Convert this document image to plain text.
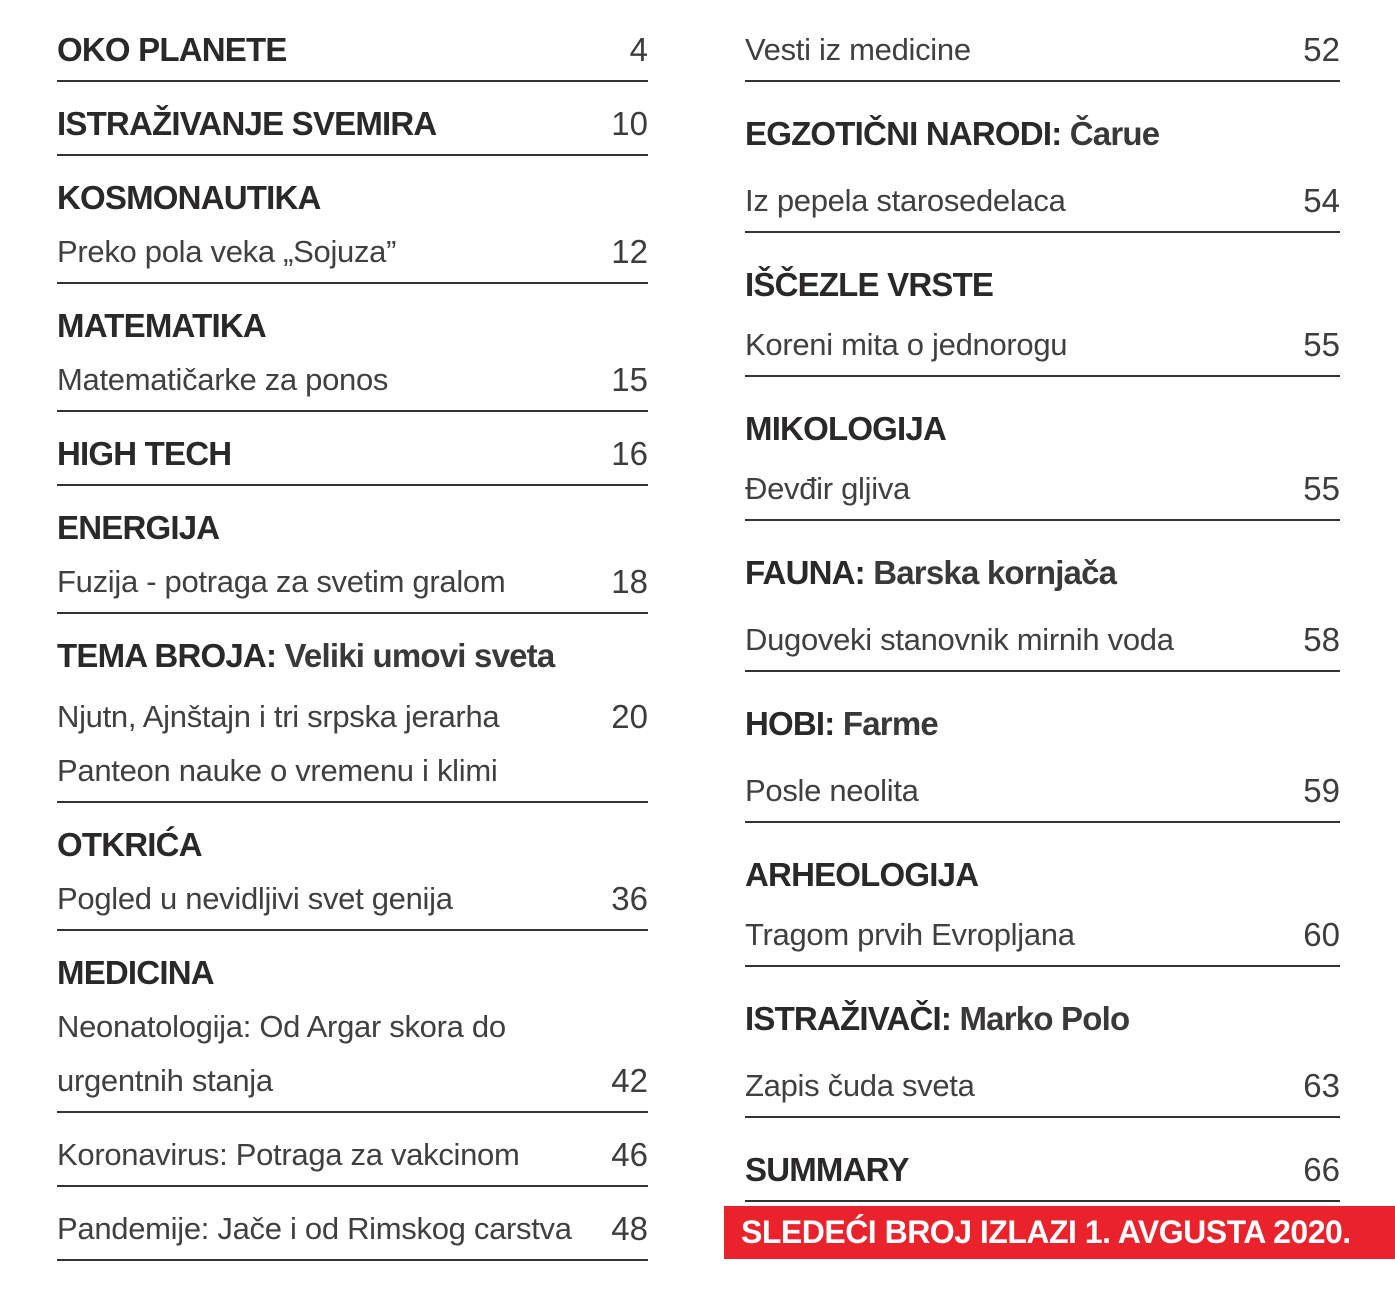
OKO PLANETE	4
ISTRAŽIVANJE SVEMIRA	10
KOSMONAUTIKA
Preko pola veka „Sojuza”	12
MATEMATIKA
Matematičarke za ponos	15
HIGH TECH	16
ENERGIJA
Fuzija - potraga za svetim gralom	18
TEMA BROJA: Veliki umovi sveta
Njutn, Ajnštajn i tri srpska jerarha	20
Panteon nauke o vremenu i klimi
OTKRIĆA
Pogled u nevidljivi svet genija	36
MEDICINA
Neonatologija: Od Argar skora do
urgentnih stanja	42
Koronavirus: Potraga za vakcinom	46
Pandemije: Jače i od Rimskog carstva 48
Vesti iz medicine	52
EGZOTIČNI NARODI: Čarue
Iz pepela starosedelaca	54
IŠČEZLE VRSTE
Koreni mita o jednorogu	55
MIKOLOGIJA
Đevđir gljiva	55
FAUNA: Barska kornjača
Dugoveki stanovnik mirnih voda	58
HOBI: Farme
Posle neolita	59
ARHEOLOGIJA
Tragom prvih Evropljana	60
ISTRAŽIVAČI: Marko Polo
Zapis čuda sveta	63
SUMMARY	66
SLEDEĆI BROJ IZLAZI 1. AVGUSTA 2020.
